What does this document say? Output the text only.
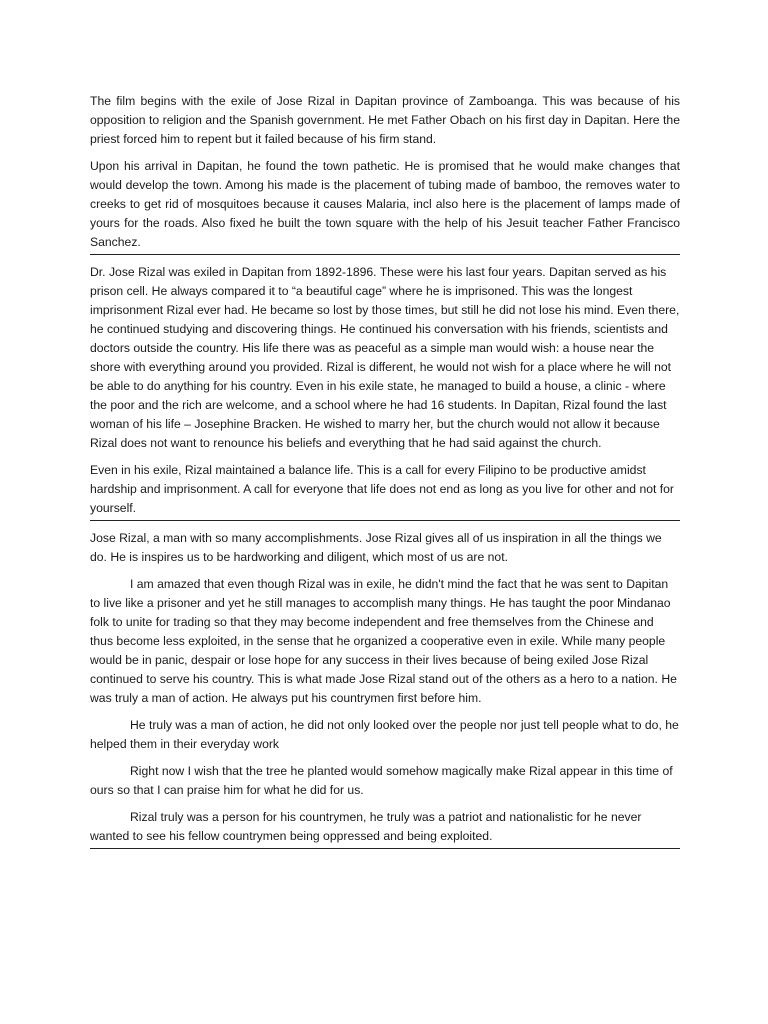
The film begins with the exile of Jose Rizal in Dapitan province of Zamboanga. This was because of his opposition to religion and the Spanish government. He met Father Obach on his first day in Dapitan. Here the priest forced him to repent but it failed because of his firm stand.

Upon his arrival in Dapitan, he found the town pathetic. He is promised that he would make changes that would develop the town. Among his made is the placement of tubing made of bamboo, the removes water to creeks to get rid of mosquitoes because it causes Malaria, incl also here is the placement of lamps made of yours for the roads. Also fixed he built the town square with the help of his Jesuit teacher Father Francisco Sanchez.

Dr. Jose Rizal was exiled in Dapitan from 1892-1896. These were his last four years. Dapitan served as his prison cell. He always compared it to “a beautiful cage” where he is imprisoned. This was the longest imprisonment Rizal ever had. He became so lost by those times, but still he did not lose his mind. Even there, he continued studying and discovering things. He continued his conversation with his friends, scientists and doctors outside the country. His life there was as peaceful as a simple man would wish: a house near the shore with everything around you provided. Rizal is different, he would not wish for a place where he will not be able to do anything for his country. Even in his exile state, he managed to build a house, a clinic - where the poor and the rich are welcome, and a school where he had 16 students. In Dapitan, Rizal found the last woman of his life – Josephine Bracken. He wished to marry her, but the church would not allow it because Rizal does not want to renounce his beliefs and everything that he had said against the church.

Even in his exile, Rizal maintained a balance life. This is a call for every Filipino to be productive amidst hardship and imprisonment. A call for everyone that life does not end as long as you live for other and not for yourself.

Jose Rizal, a man with so many accomplishments. Jose Rizal gives all of us inspiration in all the things we do. He is inspires us to be hardworking and diligent, which most of us are not.

I am amazed that even though Rizal was in exile, he didn't mind the fact that he was sent to Dapitan to live like a prisoner and yet he still manages to accomplish many things. He has taught the poor Mindanao folk to unite for trading so that they may become independent and free themselves from the Chinese and thus become less exploited, in the sense that he organized a cooperative even in exile. While many people would be in panic, despair or lose hope for any success in their lives because of being exiled Jose Rizal continued to serve his country. This is what made Jose Rizal stand out of the others as a hero to a nation. He was truly a man of action. He always put his countrymen first before him.

He truly was a man of action, he did not only looked over the people nor just tell people what to do, he helped them in their everyday work

Right now I wish that the tree he planted would somehow magically make Rizal appear in this time of ours so that I can praise him for what he did for us.

Rizal truly was a person for his countrymen, he truly was a patriot and nationalistic for he never wanted to see his fellow countrymen being oppressed and being exploited.
